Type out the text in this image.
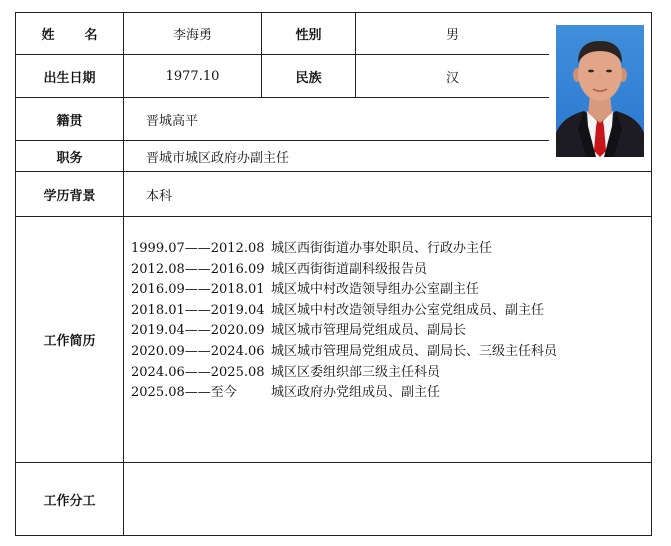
姓名	李海勇	性别	男
出生日期	1977.10	民族	汉
籍贯	晋城高平
职务	晋城市城区政府办副主任
学历背景	本科
工作简历
1999.07——2012.08 城区西街街道办事处职员、行政办主任
2012.08——2016.09 城区西街街道副科级报告员
2016.09——2018.01 城区城中村改造领导组办公室副主任
2018.01——2019.04 城区城中村改造领导组办公室党组成员、副主任
2019.04——2020.09 城区城市管理局党组成员、副局长
2020.09——2024.06 城区城市管理局党组成员、副局长、三级主任科员
2024.06——2025.08 城区区委组织部三级主任科员
2025.08——至今	城区政府办党组成员、副主任
工作分工
